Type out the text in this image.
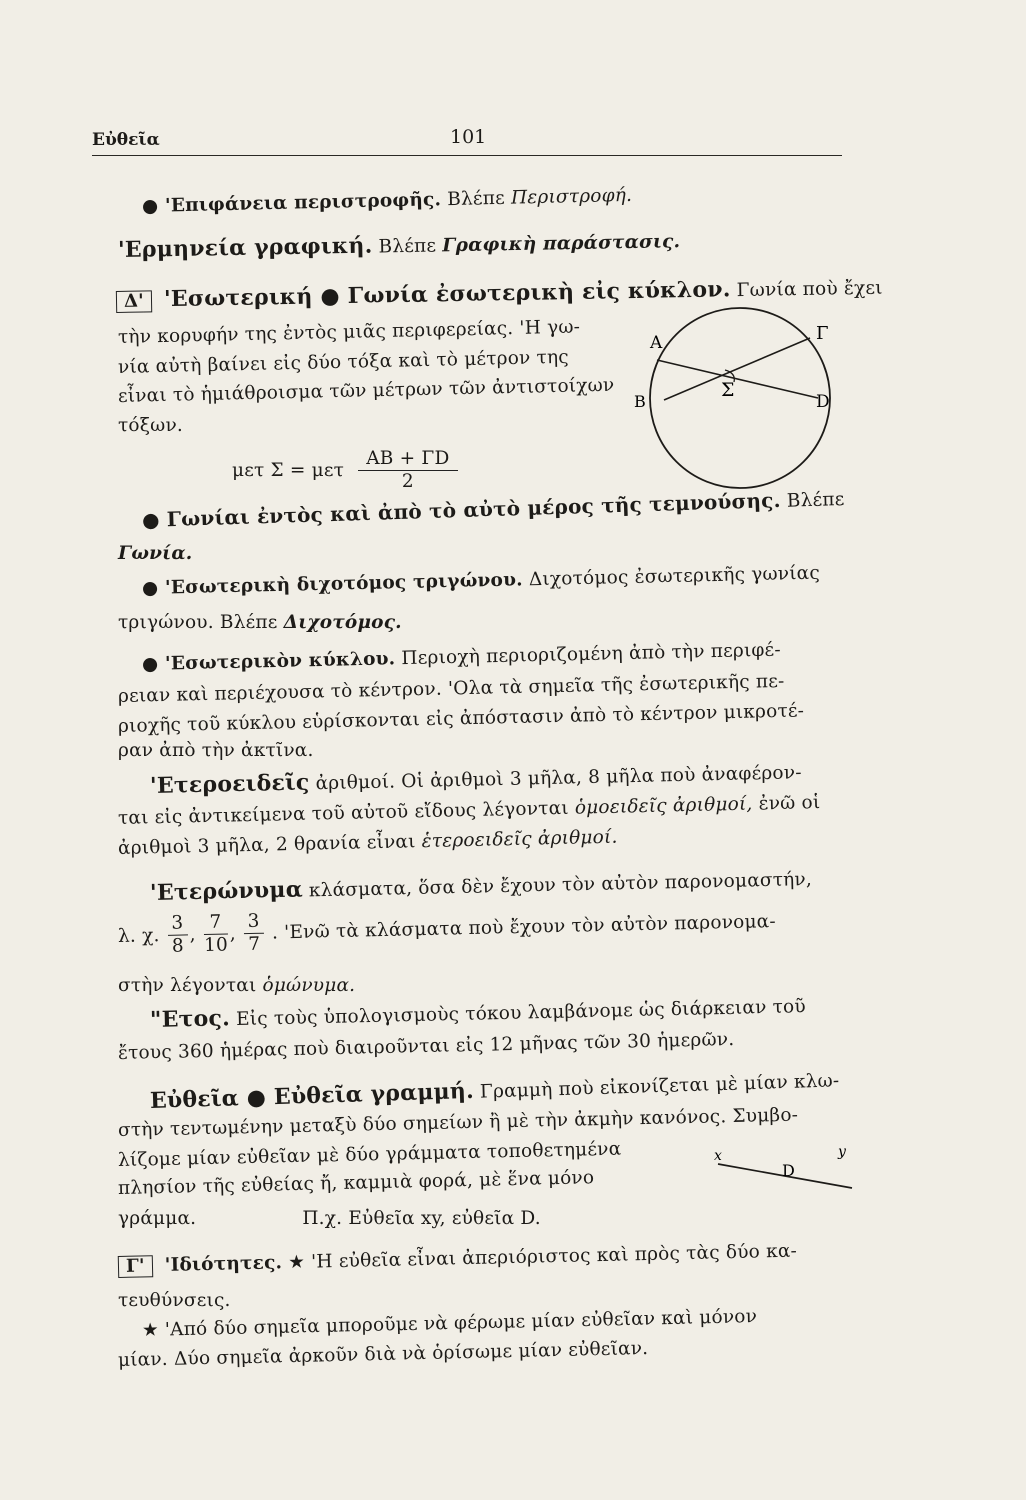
Εὐθεῖα	101
● 'Επιφάνεια περιστροφῆς. Βλέπε Περιστροφή.
'Ερμηνεία γραφική. Βλέπε Γραφικὴ παράστασις.
Δ' 'Εσωτερική ● Γωνία ἐσωτερικὴ εἰς κύκλον. Γωνία ποὺ ἔχει
τὴν κορυφήν της ἐντὸς μιᾶς περιφερείας. 'Η γω-
νία αὐτὴ βαίνει εἰς δύο τόξα καὶ τὸ μέτρον της
εἶναι τὸ ἡμιάθροισμα τῶν μέτρων τῶν ἀντιστοίχων
τόξων.
A	Γ
Σ
B	D
μετ Σ = μετ $\frac{AB + \Gamma D}{2}$
● Γωνίαι ἐντὸς καὶ ἀπὸ τὸ αὐτὸ μέρος τῆς τεμνούσης. Βλέπε
Γωνία.
● 'Εσωτερικὴ διχοτόμος τριγώνου. Διχοτόμος ἐσωτερικῆς γωνίας
τριγώνου. Βλέπε Διχοτόμος.
● 'Εσωτερικὸν κύκλου. Περιοχὴ περιοριζομένη ἀπὸ τὴν περιφέ-
ρειαν καὶ περιέχουσα τὸ κέντρον. 'Ολα τὰ σημεῖα τῆς ἐσωτερικῆς πε-
ριοχῆς τοῦ κύκλου εὑρίσκονται εἰς ἀπόστασιν ἀπὸ τὸ κέντρον μικροτέ-
ραν ἀπὸ τὴν ἀκτῖνα.
'Ετεροειδεῖς ἀριθμοί. Οἱ ἀριθμοὶ 3 μῆλα, 8 μῆλα ποὺ ἀναφέρον-
ται εἰς ἀντικείμενα τοῦ αὐτοῦ εἴδους λέγονται ὁμοειδεῖς ἀριθμοί, ἐνῶ οἱ
ἀριθμοὶ 3 μῆλα, 2 θρανία εἶναι ἑτεροειδεῖς ἀριθμοί.
'Ετερώνυμα κλάσματα, ὅσα δὲν ἔχουν τὸν αὐτὸν παρονομαστήν,
λ. χ. $\frac{3}{8}$ , $\frac{7}{10}$ , $\frac{3}{7}$ . 'Ενῶ τὰ κλάσματα ποὺ ἔχουν τὸν αὐτὸν παρονομα-
στὴν λέγονται ὁμώνυμα.
"Ετος. Εἰς τοὺς ὑπολογισμοὺς τόκου λαμβάνομε ὡς διάρκειαν τοῦ
ἔτους 360 ἡμέρας ποὺ διαιροῦνται εἰς 12 μῆνας τῶν 30 ἡμερῶν.
Εὐθεῖα ● Εὐθεῖα γραμμή. Γραμμὴ ποὺ εἰκονίζεται μὲ μίαν κλω-
στὴν τεντωμένην μεταξὺ δύο σημείων ἢ μὲ τὴν ἀκμὴν κανόνος. Συμβο-
λίζομε μίαν εὐθεῖαν μὲ δύο γράμματα τοποθετημένα
πλησίον τῆς εὐθείας ἤ, καμμιὰ φορά, μὲ ἕνα μόνο
γράμμα.	Π.χ. Εὐθεῖα xy, εὐθεῖα D.
x	y
D
Γ' 'Ιδιότητες. ★ 'Η εὐθεῖα εἶναι ἀπεριόριστος καὶ πρὸς τὰς δύο κα-
τευθύνσεις.
★ 'Από δύο σημεῖα μποροῦμε νὰ φέρωμε μίαν εὐθεῖαν καὶ μόνον
μίαν. Δύο σημεῖα ἀρκοῦν διὰ νὰ ὁρίσωμε μίαν εὐθεῖαν.
